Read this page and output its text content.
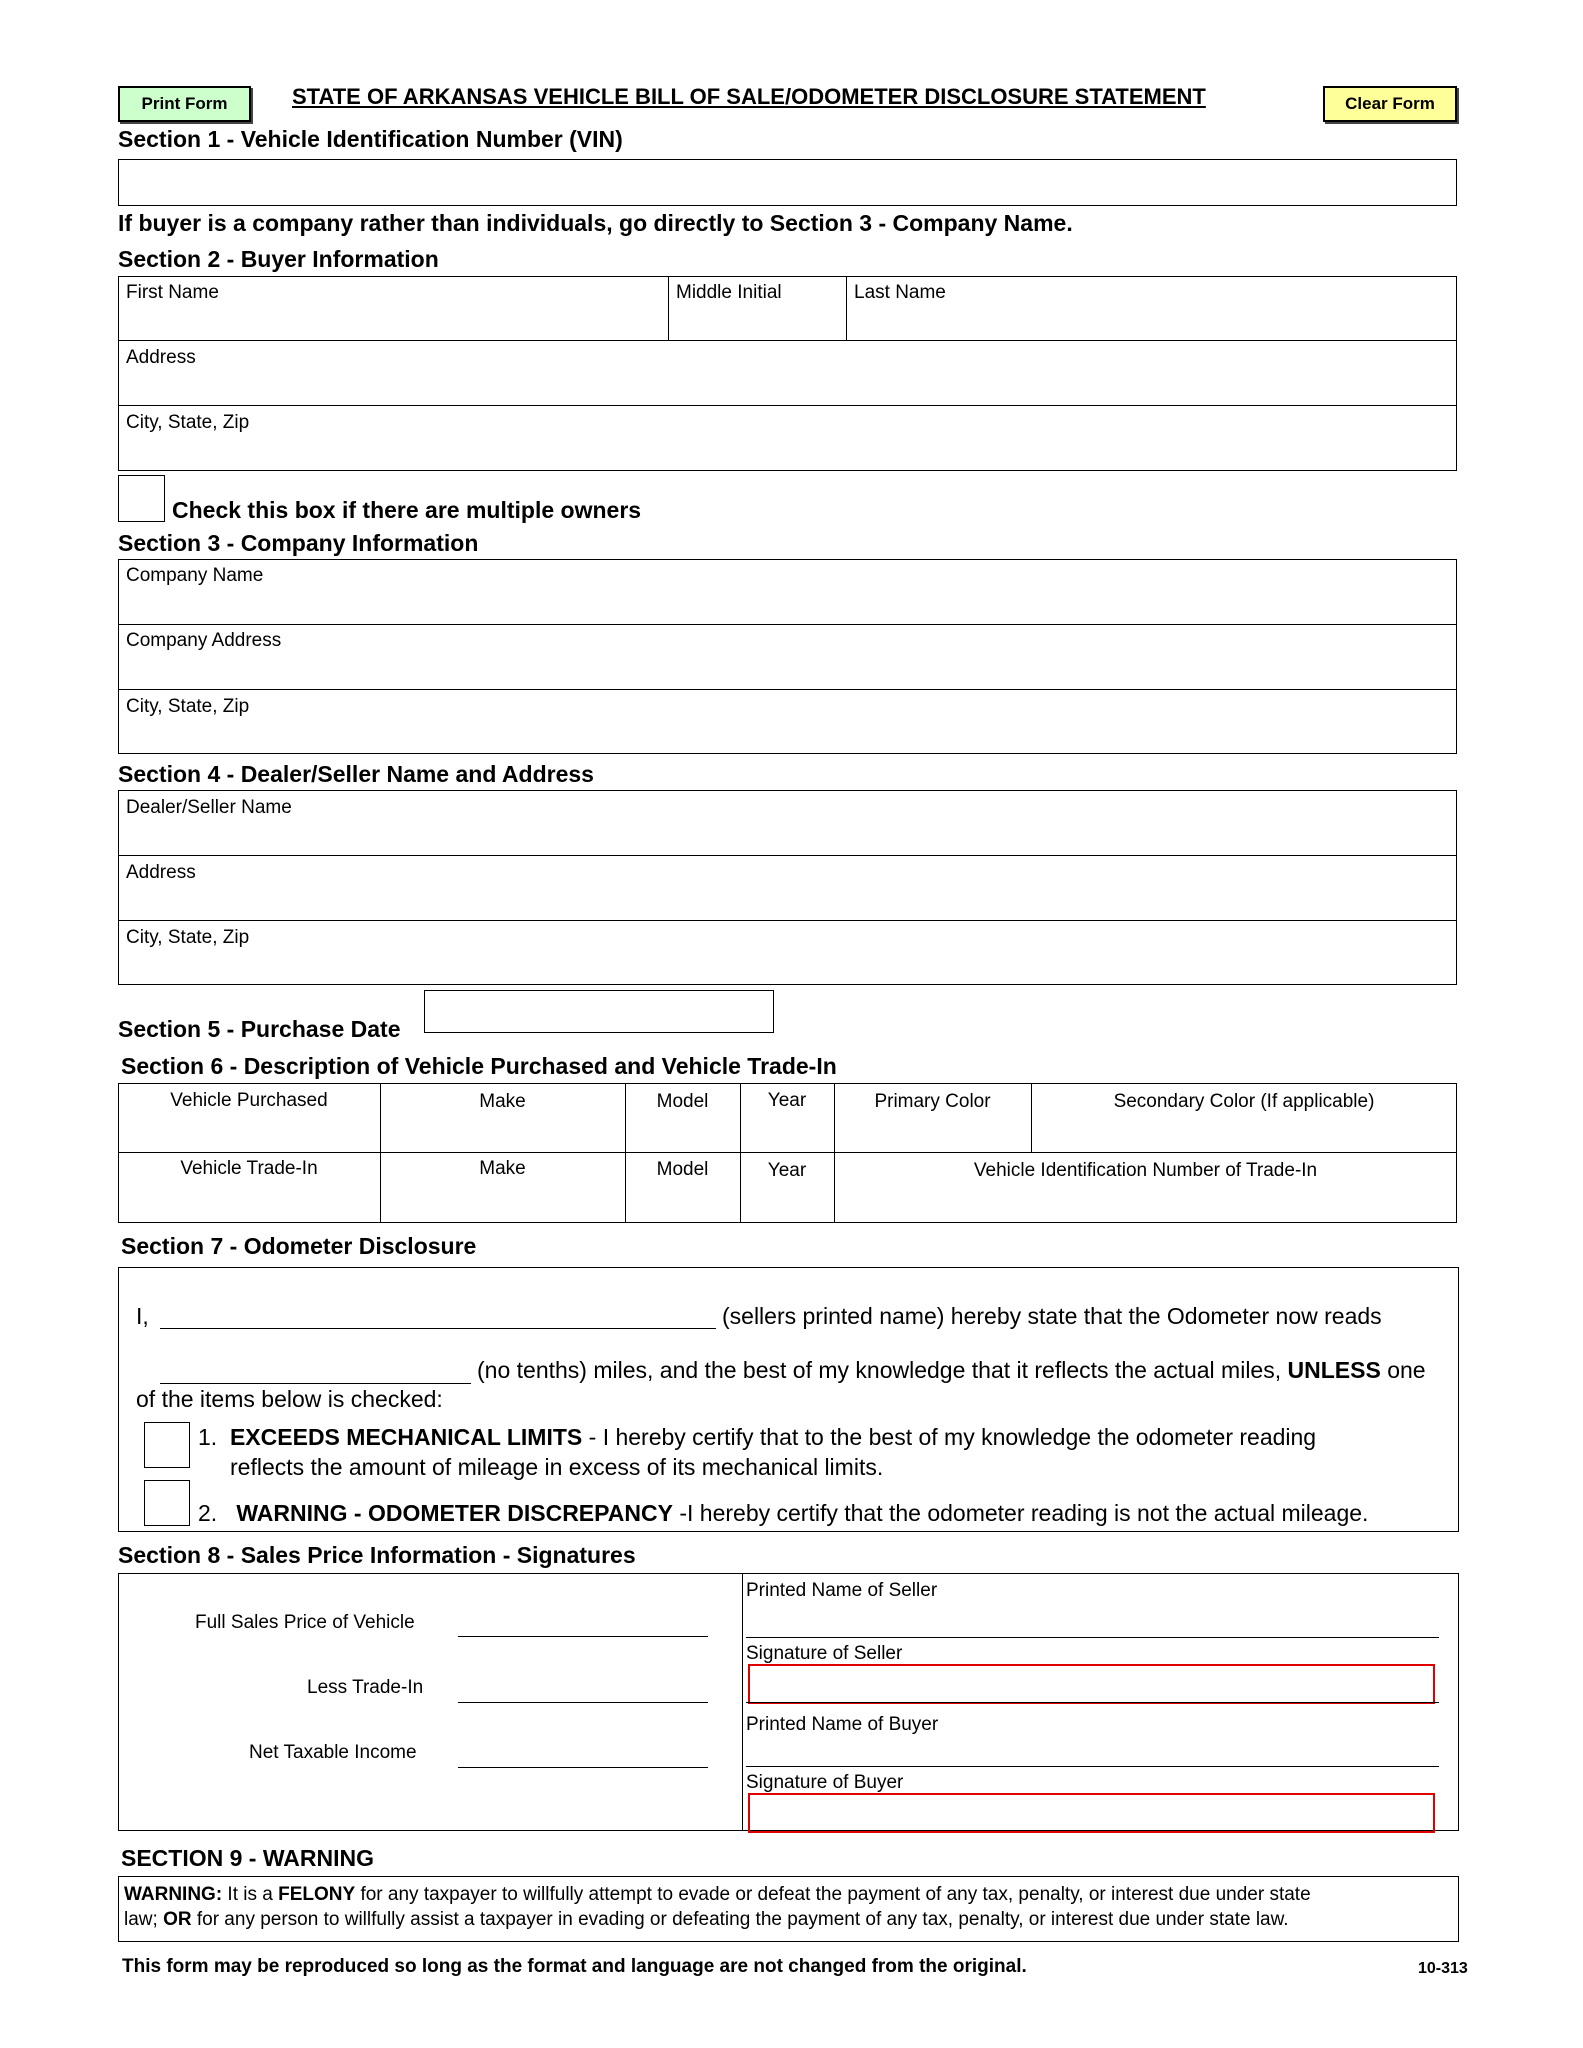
Print Form	STATE OF ARKANSAS VEHICLE BILL OF SALE/ODOMETER DISCLOSURE STATEMENT	Clear Form
Section 1 - Vehicle Identification Number (VIN)
If buyer is a company rather than individuals, go directly to Section 3 - Company Name.
Section 2 - Buyer Information
First Name	Middle Initial	Last Name
Address
City, State, Zip
Check this box if there are multiple owners
Section 3 - Company Information
Company Name
Company Address
City, State, Zip
Section 4 - Dealer/Seller Name and Address
Dealer/Seller Name
Address
City, State, Zip
Section 5 - Purchase Date
Section 6 - Description of Vehicle Purchased and Vehicle Trade-In
Vehicle Purchased	Make	Model	Year	Primary Color	Secondary Color (If applicable)
Vehicle Trade-In	Make	Model	Year	Vehicle Identification Number of Trade-In
Section 7 - Odometer Disclosure
I,	(sellers printed name) hereby state that the Odometer now reads
(no tenths) miles, and the best of my knowledge that it reflects the actual miles, UNLESS one
of the items below is checked:
1. EXCEEDS MECHANICAL LIMITS - I hereby certify that to the best of my knowledge the odometer reading
reflects the amount of mileage in excess of its mechanical limits.
2. WARNING - ODOMETER DISCREPANCY -I hereby certify that the odometer reading is not the actual mileage.
Section 8 - Sales Price Information - Signatures
Full Sales Price of Vehicle
Less Trade-In
Net Taxable Income
Printed Name of Seller
Signature of Seller
Printed Name of Buyer
Signature of Buyer
SECTION 9 - WARNING
WARNING: It is a FELONY for any taxpayer to willfully attempt to evade or defeat the payment of any tax, penalty, or interest due under state
law; OR for any person to willfully assist a taxpayer in evading or defeating the payment of any tax, penalty, or interest due under state law.
This form may be reproduced so long as the format and language are not changed from the original.	10-313
